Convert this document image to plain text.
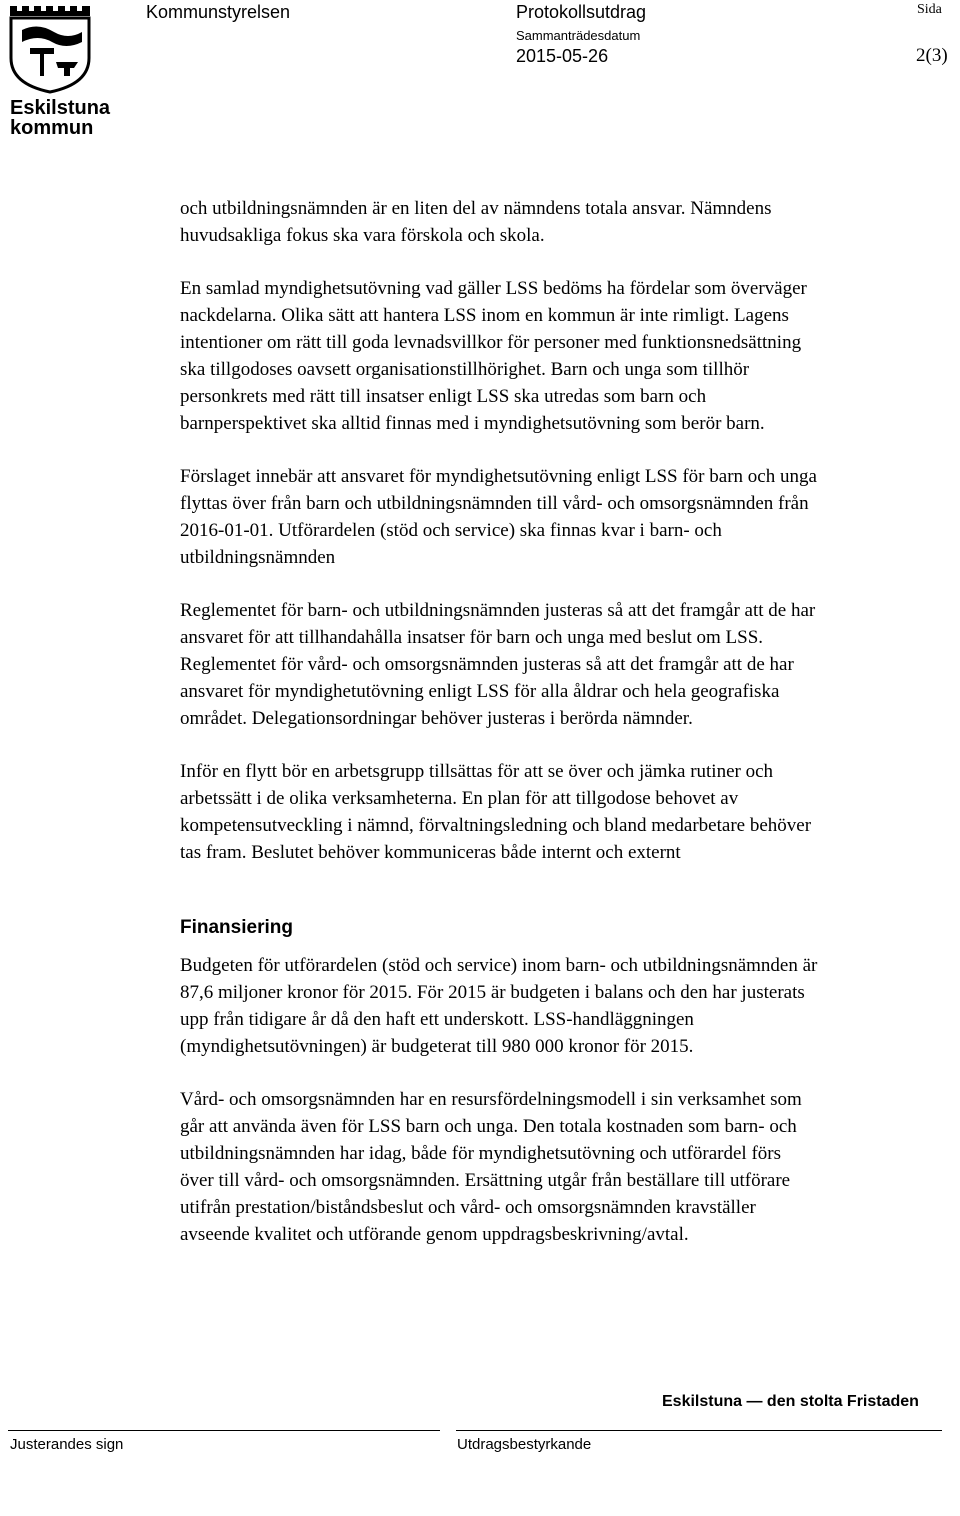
Eskilstuna
kommun
Kommunstyrelsen	Protokollsutdrag
Sammanträdesdatum
2015-05-26
Sida
2(3)

och utbildningsnämnden är en liten del av nämndens totala ansvar. Nämndens
huvudsakliga fokus ska vara förskola och skola.

En samlad myndighetsutövning vad gäller LSS bedöms ha fördelar som överväger
nackdelarna. Olika sätt att hantera LSS inom en kommun är inte rimligt. Lagens
intentioner om rätt till goda levnadsvillkor för personer med funktionsnedsättning
ska tillgodoses oavsett organisationstillhörighet. Barn och unga som tillhör
personkrets med rätt till insatser enligt LSS ska utredas som barn och
barnperspektivet ska alltid finnas med i myndighetsutövning som berör barn.

Förslaget innebär att ansvaret för myndighetsutövning enligt LSS för barn och unga
flyttas över från barn och utbildningsnämnden till vård- och omsorgsnämnden från
2016-01-01. Utförardelen (stöd och service) ska finnas kvar i barn- och
utbildningsnämnden

Reglementet för barn- och utbildningsnämnden justeras så att det framgår att de har
ansvaret för att tillhandahålla insatser för barn och unga med beslut om LSS.
Reglementet för vård- och omsorgsnämnden justeras så att det framgår att de har
ansvaret för myndighetutövning enligt LSS för alla åldrar och hela geografiska
området. Delegationsordningar behöver justeras i berörda nämnder.

Inför en flytt bör en arbetsgrupp tillsättas för att se över och jämka rutiner och
arbetssätt i de olika verksamheterna. En plan för att tillgodose behovet av
kompetensutveckling i nämnd, förvaltningsledning och bland medarbetare behöver
tas fram. Beslutet behöver kommuniceras både internt och externt

Finansiering

Budgeten för utförardelen (stöd och service) inom barn- och utbildningsnämnden är
87,6 miljoner kronor för 2015. För 2015 är budgeten i balans och den har justerats
upp från tidigare år då den haft ett underskott. LSS-handläggningen
(myndighetsutövningen) är budgeterat till 980 000 kronor för 2015.

Vård- och omsorgsnämnden har en resursfördelningsmodell i sin verksamhet som
går att använda även för LSS barn och unga. Den totala kostnaden som barn- och
utbildningsnämnden har idag, både för myndighetsutövning och utförardel förs
över till vård- och omsorgsnämnden. Ersättning utgår från beställare till utförare
utifrån prestation/biståndsbeslut och vård- och omsorgsnämnden kravställer
avseende kvalitet och utförande genom uppdragsbeskrivning/avtal.

Eskilstuna — den stolta Fristaden
Justerandes sign	Utdragsbestyrkande
